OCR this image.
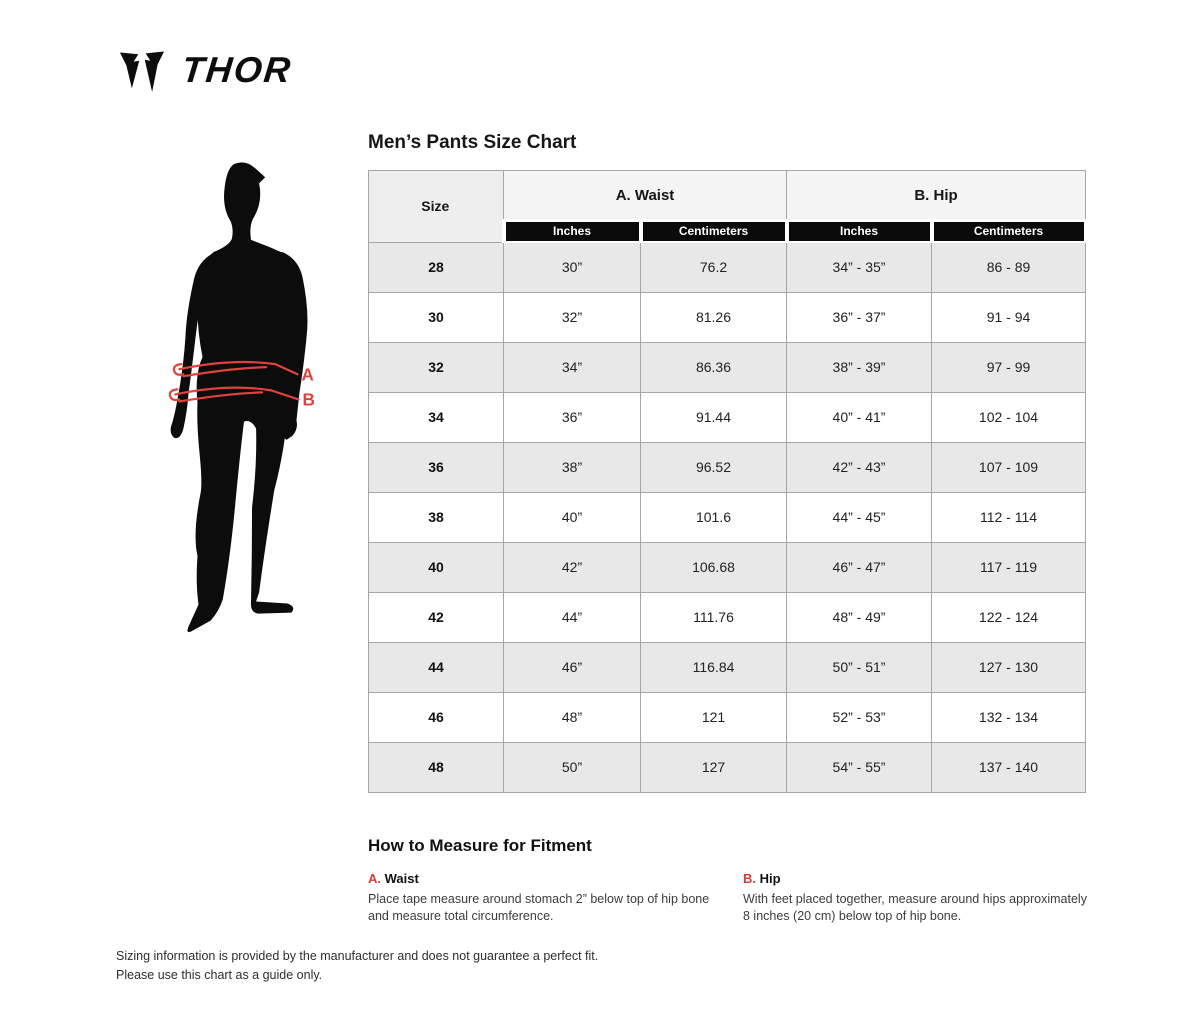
THOR
A
B
Men’s Pants Size Chart
Size	A. Waist		B. Hip	
	Inches	Centimeters	Inches	Centimeters
28	30”	76.2	34” - 35”	86 - 89
30	32”	81.26	36” - 37”	91 - 94
32	34”	86.36	38” - 39”	97 - 99
34	36”	91.44	40” - 41”	102 - 104
36	38”	96.52	42” - 43”	107 - 109
38	40”	101.6	44” - 45”	112 - 114
40	42”	106.68	46” - 47”	117 - 119
42	44”	111.76	48” - 49”	122 - 124
44	46”	116.84	50” - 51”	127 - 130
46	48”	121	52” - 53”	132 - 134
48	50”	127	54” - 55”	137 - 140
How to Measure for Fitment
A. Waist
Place tape measure around stomach 2” below top of hip bone and measure total circumference.
B. Hip
With feet placed together, measure around hips approximately 8 inches (20 cm) below top of hip bone.
Sizing information is provided by the manufacturer and does not guarantee a perfect fit.
Please use this chart as a guide only.
